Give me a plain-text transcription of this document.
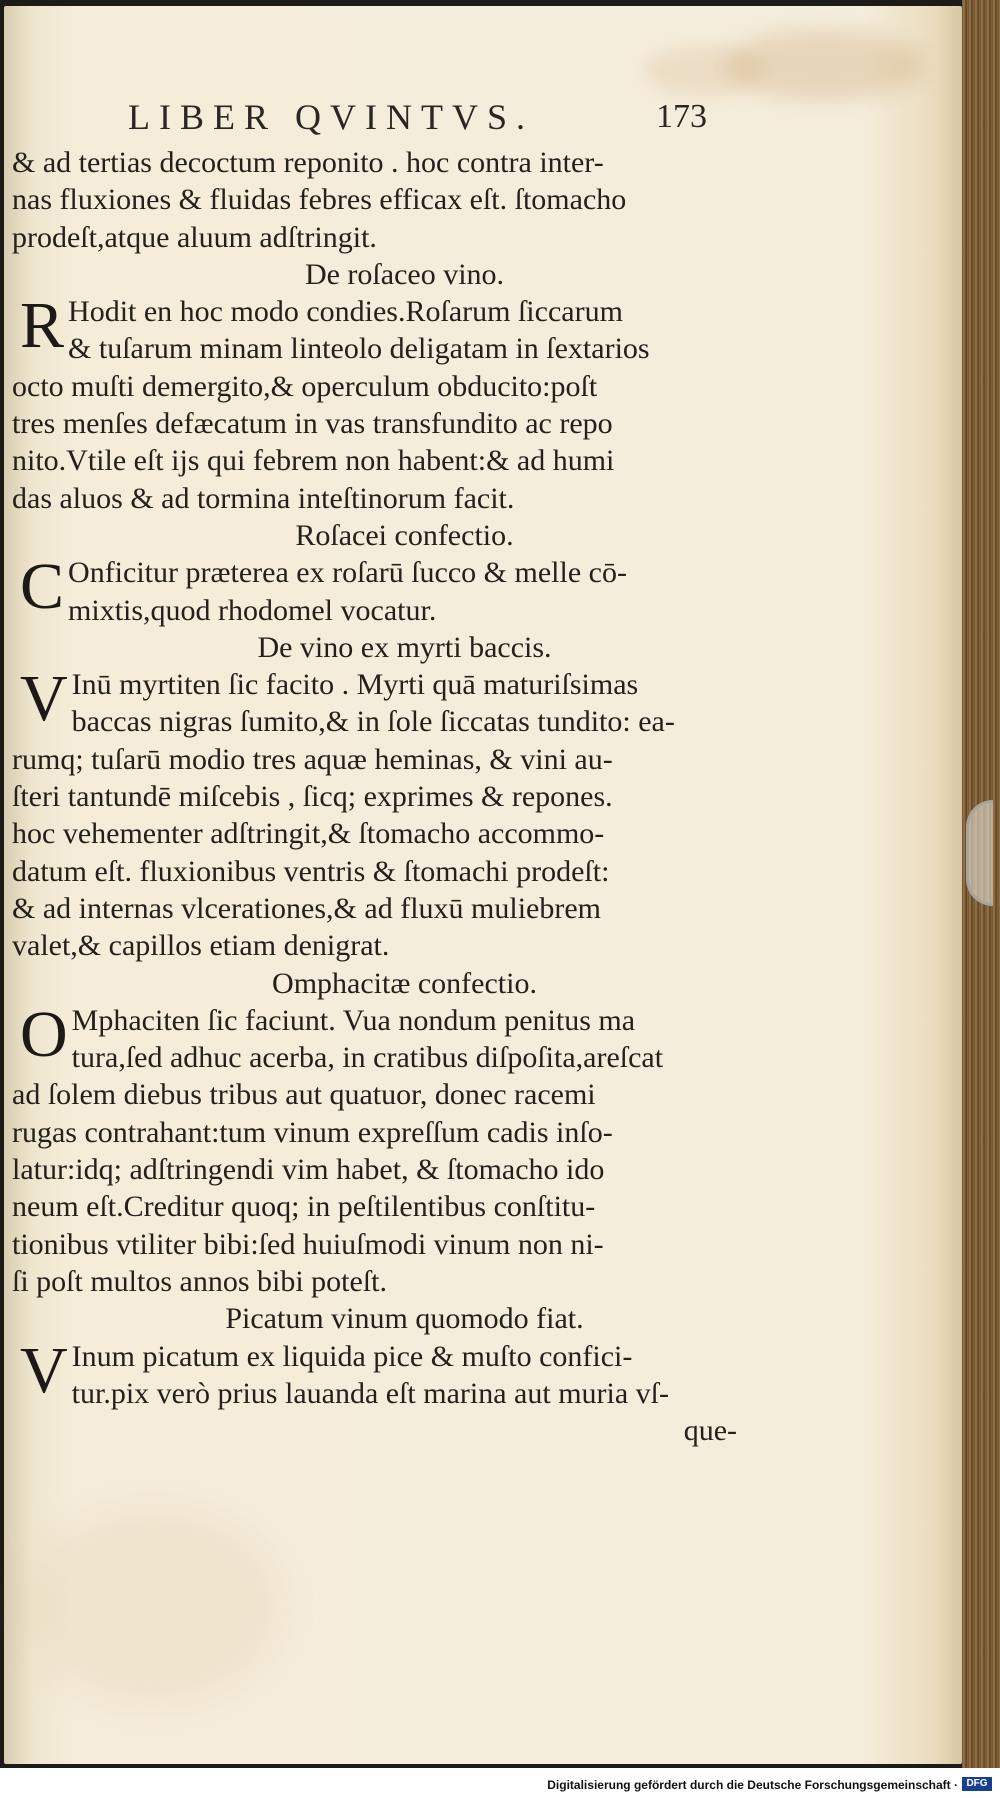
LIBER QVINTVS.	173
& ad tertias decoctum reponito . hoc contra inter-
nas fluxiones & fluidas febres efficax eſt. ſtomacho
prodeſt,atque aluum adſtringit.
De roſaceo vino.
R Hodit en hoc modo condies.Roſarum ſiccarum
& tuſarum minam linteolo deligatam in ſextarios
octo muſti demergito,& operculum obducito:poſt
tres menſes defæcatum in vas transfundito ac repo
nito.Vtile eſt ijs qui febrem non habent:& ad humi
das aluos & ad tormina inteſtinorum facit.
Roſacei confectio.
C Onficitur præterea ex roſarū ſucco & melle cō-
mixtis,quod rhodomel vocatur.
De vino ex myrti baccis.
V Inū myrtiten ſic facito . Myrti quā maturiſsimas
baccas nigras ſumito,& in ſole ſiccatas tundito: ea-
rumq; tuſarū modio tres aquæ heminas, & vini au-
ſteri tantundē miſcebis , ſicq; exprimes & repones.
hoc vehementer adſtringit,& ſtomacho accommo-
datum eſt. fluxionibus ventris & ſtomachi prodeſt:
& ad internas vlcerationes,& ad fluxū muliebrem
valet,& capillos etiam denigrat.
Omphacitæ confectio.
O Mphaciten ſic faciunt. Vua nondum penitus ma
tura,ſed adhuc acerba, in cratibus diſpoſita,areſcat
ad ſolem diebus tribus aut quatuor, donec racemi
rugas contrahant:tum vinum expreſſum cadis inſo-
latur:idq; adſtringendi vim habet, & ſtomacho ido
neum eſt.Creditur quoq; in peſtilentibus conſtitu-
tionibus vtiliter bibi:ſed huiuſmodi vinum non ni-
ſi poſt multos annos bibi poteſt.
Picatum vinum quomodo fiat.
V Inum picatum ex liquida pice & muſto confici-
tur.pix verò prius lauanda eſt marina aut muria vſ-
que-
Digitalisierung gefördert durch die Deutsche Forschungsgemeinschaft · DFG
